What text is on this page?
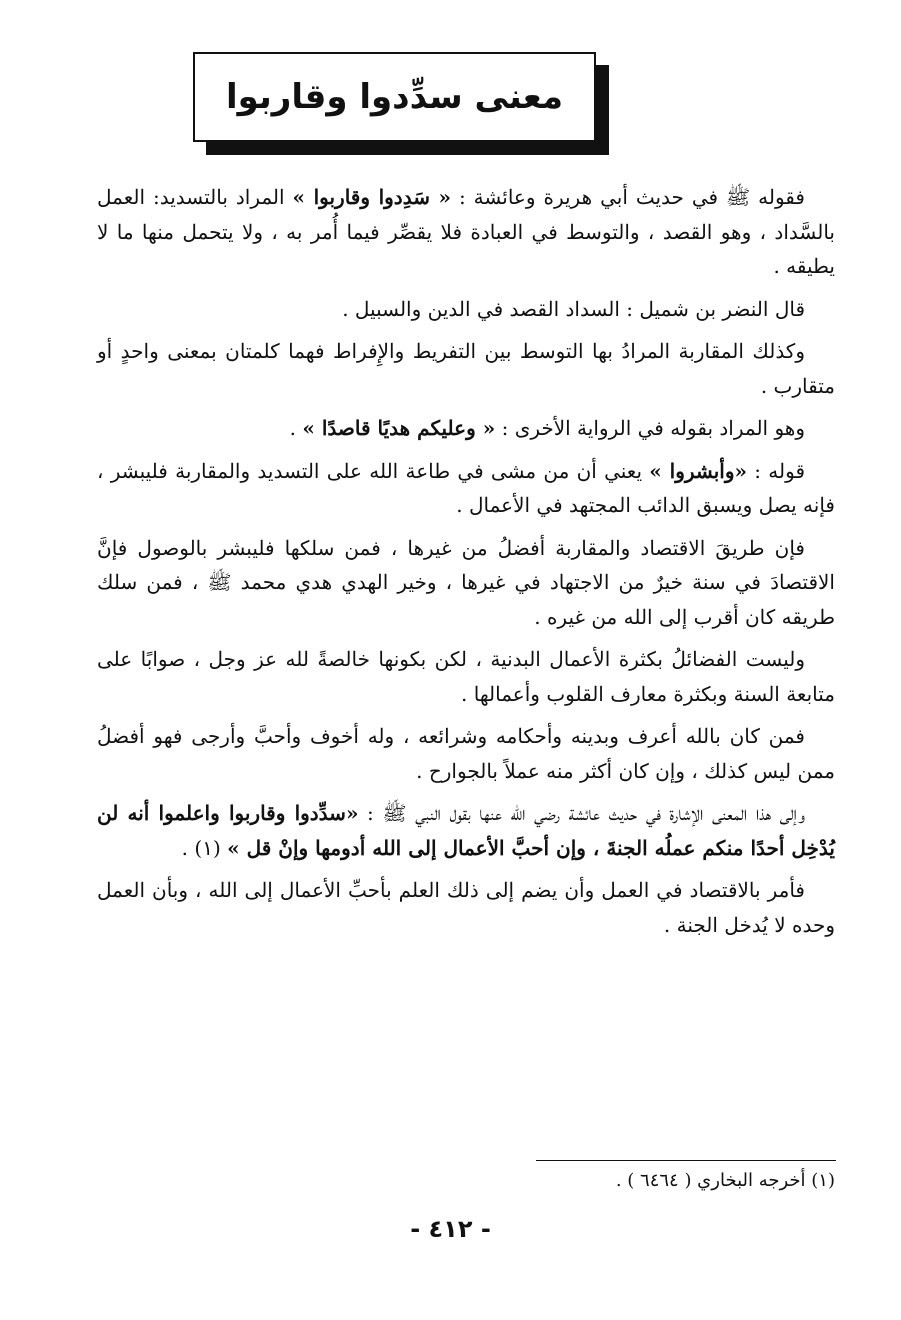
معنى سدِّدوا وقاربوا

فقوله ﷺ في حديث أبي هريرة وعائشة : « سَدِدوا وقاربوا » المراد بالتسديد: العمل بالسَّداد ، وهو القصد ، والتوسط في العبادة فلا يقصِّر فيما أُمر به ، ولا يتحمل منها ما لا يطيقه .

قال النضر بن شميل : السداد القصد في الدين والسبيل .

وكذلك المقاربة المرادُ بها التوسط بين التفريط والإِفراط فهما كلمتان بمعنى واحدٍ أو متقارب .

وهو المراد بقوله في الرواية الأخرى : « وعليكم هديًا قاصدًا » .

قوله : «وأبشروا » يعني أن من مشى في طاعة الله على التسديد والمقاربة فليبشر ، فإنه يصل ويسبق الدائب المجتهد في الأعمال .

فإن طريقَ الاقتصاد والمقاربة أفضلُ من غيرها ، فمن سلكها فليبشر بالوصول فإنَّ الاقتصادَ في سنة خيرٌ من الاجتهاد في غيرها ، وخير الهدي هدي محمد ﷺ ، فمن سلك طريقه كان أقرب إلى الله من غيره .

وليست الفضائلُ بكثرة الأعمال البدنية ، لكن بكونها خالصةً لله عز وجل ، صوابًا على متابعة السنة وبكثرة معارف القلوب وأعمالها .

فمن كان بالله أعرف وبدينه وأحكامه وشرائعه ، وله أخوف وأحبَّ وأرجى فهو أفضلُ ممن ليس كذلك ، وإن كان أكثر منه عملاً بالجوارح .

وإلى هذا المعنى الإشارة في حديث عائشة رضي الله عنها بقول النبي ﷺ : «سدِّدوا وقاربوا واعلموا أنه لن يُدْخِل أحدًا منكم عملُه الجنةَ ، وإن أحبَّ الأعمال إلى الله أدومها وإنْ قل » (١) .

فأمر بالاقتصاد في العمل وأن يضم إلى ذلك العلم بأحبِّ الأعمال إلى الله ، وبأن العمل وحده لا يُدخل الجنة .

(١) أخرجه البخاري ( ٦٤٦٤ ) .
- ٤١٢ -
